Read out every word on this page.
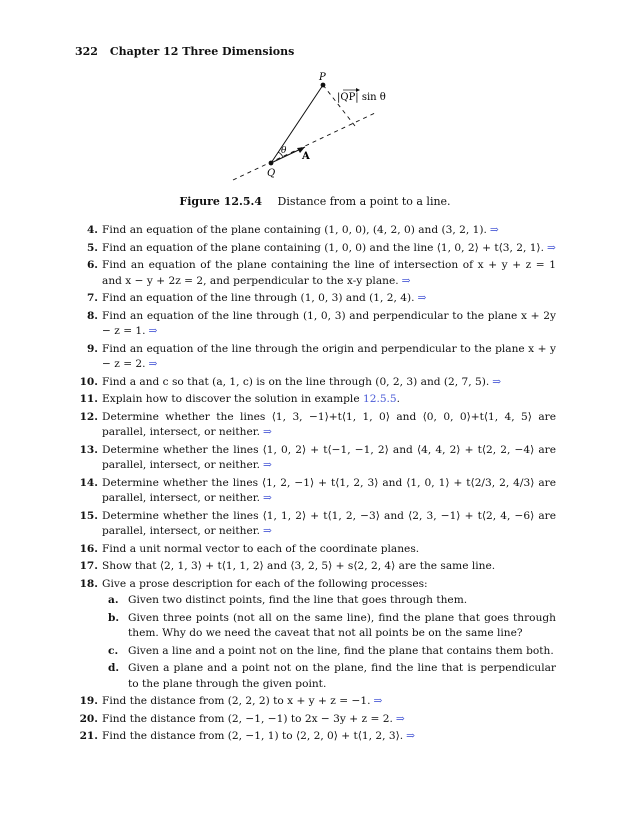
322 Chapter 12 Three Dimensions
P
Q
A
θ
|QP| sin θ
Figure 12.5.4 Distance from a point to a line.
4. Find an equation of the plane containing (1, 0, 0), (4, 2, 0) and (3, 2, 1). ⇒
5. Find an equation of the plane containing (1, 0, 0) and the line ⟨1, 0, 2⟩ + t⟨3, 2, 1⟩. ⇒
6. Find an equation of the plane containing the line of intersection of x + y + z = 1 and x − y + 2z = 2, and perpendicular to the x-y plane. ⇒
7. Find an equation of the line through (1, 0, 3) and (1, 2, 4). ⇒
8. Find an equation of the line through (1, 0, 3) and perpendicular to the plane x + 2y − z = 1. ⇒
9. Find an equation of the line through the origin and perpendicular to the plane x + y − z = 2. ⇒
10. Find a and c so that (a, 1, c) is on the line through (0, 2, 3) and (2, 7, 5). ⇒
11. Explain how to discover the solution in example 12.5.5.
12. Determine whether the lines ⟨1, 3, −1⟩+t⟨1, 1, 0⟩ and ⟨0, 0, 0⟩+t⟨1, 4, 5⟩ are parallel, intersect, or neither. ⇒
13. Determine whether the lines ⟨1, 0, 2⟩ + t⟨−1, −1, 2⟩ and ⟨4, 4, 2⟩ + t⟨2, 2, −4⟩ are parallel, intersect, or neither. ⇒
14. Determine whether the lines ⟨1, 2, −1⟩ + t⟨1, 2, 3⟩ and ⟨1, 0, 1⟩ + t⟨2/3, 2, 4/3⟩ are parallel, intersect, or neither. ⇒
15. Determine whether the lines ⟨1, 1, 2⟩ + t⟨1, 2, −3⟩ and ⟨2, 3, −1⟩ + t⟨2, 4, −6⟩ are parallel, intersect, or neither. ⇒
16. Find a unit normal vector to each of the coordinate planes.
17. Show that ⟨2, 1, 3⟩ + t⟨1, 1, 2⟩ and ⟨3, 2, 5⟩ + s⟨2, 2, 4⟩ are the same line.
18. Give a prose description for each of the following processes:
a. Given two distinct points, find the line that goes through them.
b. Given three points (not all on the same line), find the plane that goes through them. Why do we need the caveat that not all points be on the same line?
c. Given a line and a point not on the line, find the plane that contains them both.
d. Given a plane and a point not on the plane, find the line that is perpendicular to the plane through the given point.
19. Find the distance from (2, 2, 2) to x + y + z = −1. ⇒
20. Find the distance from (2, −1, −1) to 2x − 3y + z = 2. ⇒
21. Find the distance from (2, −1, 1) to ⟨2, 2, 0⟩ + t⟨1, 2, 3⟩. ⇒
